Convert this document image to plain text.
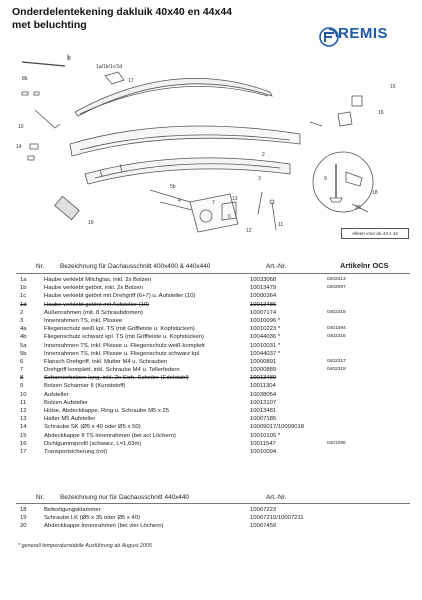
Onderdelentekening dakluik 40x40 en 44x44
met beluchting	REMIS
8
8b
1a/1b/1c/1d
17
16
15
10
2
3
14
20
5b
13
4	7
11
12
19
6
9
18
Alleen voor de 44 x 44
Nr. Bezeichnung für Dachausschnitt 400x400 & 440x440	Art.-Nr.	Artikelnr OCS
1a	Haube verklebt Milchglas, inkl. 2x Bolzen	10033068	0402313
1b	Haube verklebt getönt, inkl. 2x Bolzen	10013479	0402097
1c	Haube verklebt getönt mit Drehgriff (6+7) u. Aufsteller (10)	10000364
1d	Haube verklebt getönt mit Aufsteller (10)	10012486
2	Außenrahmen (mit. 8 Schraubdomen)	10007174	0402315
3	Innenrahmen TS, inkl. Plissee	10010096 *
4a	Fliegenschutz weiß kpl. TS (mit Griffleiste u. Kopfstücken)	10010223 *	0401094
4b	Fliegenschutz schwarz kpl. TS (mit Griffleiste u. Kopfstücken)	10044036 *	0402316
5a	Innenrahmen TS, inkl. Plissee u. Fliegenschutz weiß komplett	10010031 *
5b	Innenrahmen TS, inkl. Plissee u. Fliegenschutz schwarz kpl.	10044037 *
6	Flansch Drehgriff, inkl. Mutter M4 u. Schrauben	10000891	0402317
7	Drehgriff komplett, inkl. Schraube M4 u. Tellerfedern	10000889	0402318
8	Scharnierbolzen lang, inkl. 2x Sich.-Scheibe (Edelstahl)	10013480
9	Bolzen Scharnier II (Kunststoff)	10011304
10	Aufsteller	10038054
11	Bolzen Aufsteller	10013107
12	Hülse, Abdeckkappe, Ring u. Schraube M5 x 25	10013481
13	Halter M5 Aufsteller	10007185
14	Schraube SK (Ø5 x 40 oder Ø5 x 50)	10009017/10009018
15	Abdeckkappe II TS Innenrahmen (bei act Löchern)	10010105 *
16	Dichtgummiprofil (schwarz, L=1,63m)	10011547	0401096
17	Transportsicherung (rot)	10010094
Nr. Bezeichnung nur für Dachausschnitt 440x440	Art.-Nr.
18	Befestigungsklammer	10007223
19	Schraube LK (Ø5 x 35 oder Ø5 x 40)	10007210/10007211
20	Abdeckkappe Innenrahmen (bei vier Löchern)	10007459
* generell temperaturstabile Ausführung ab August 2005
